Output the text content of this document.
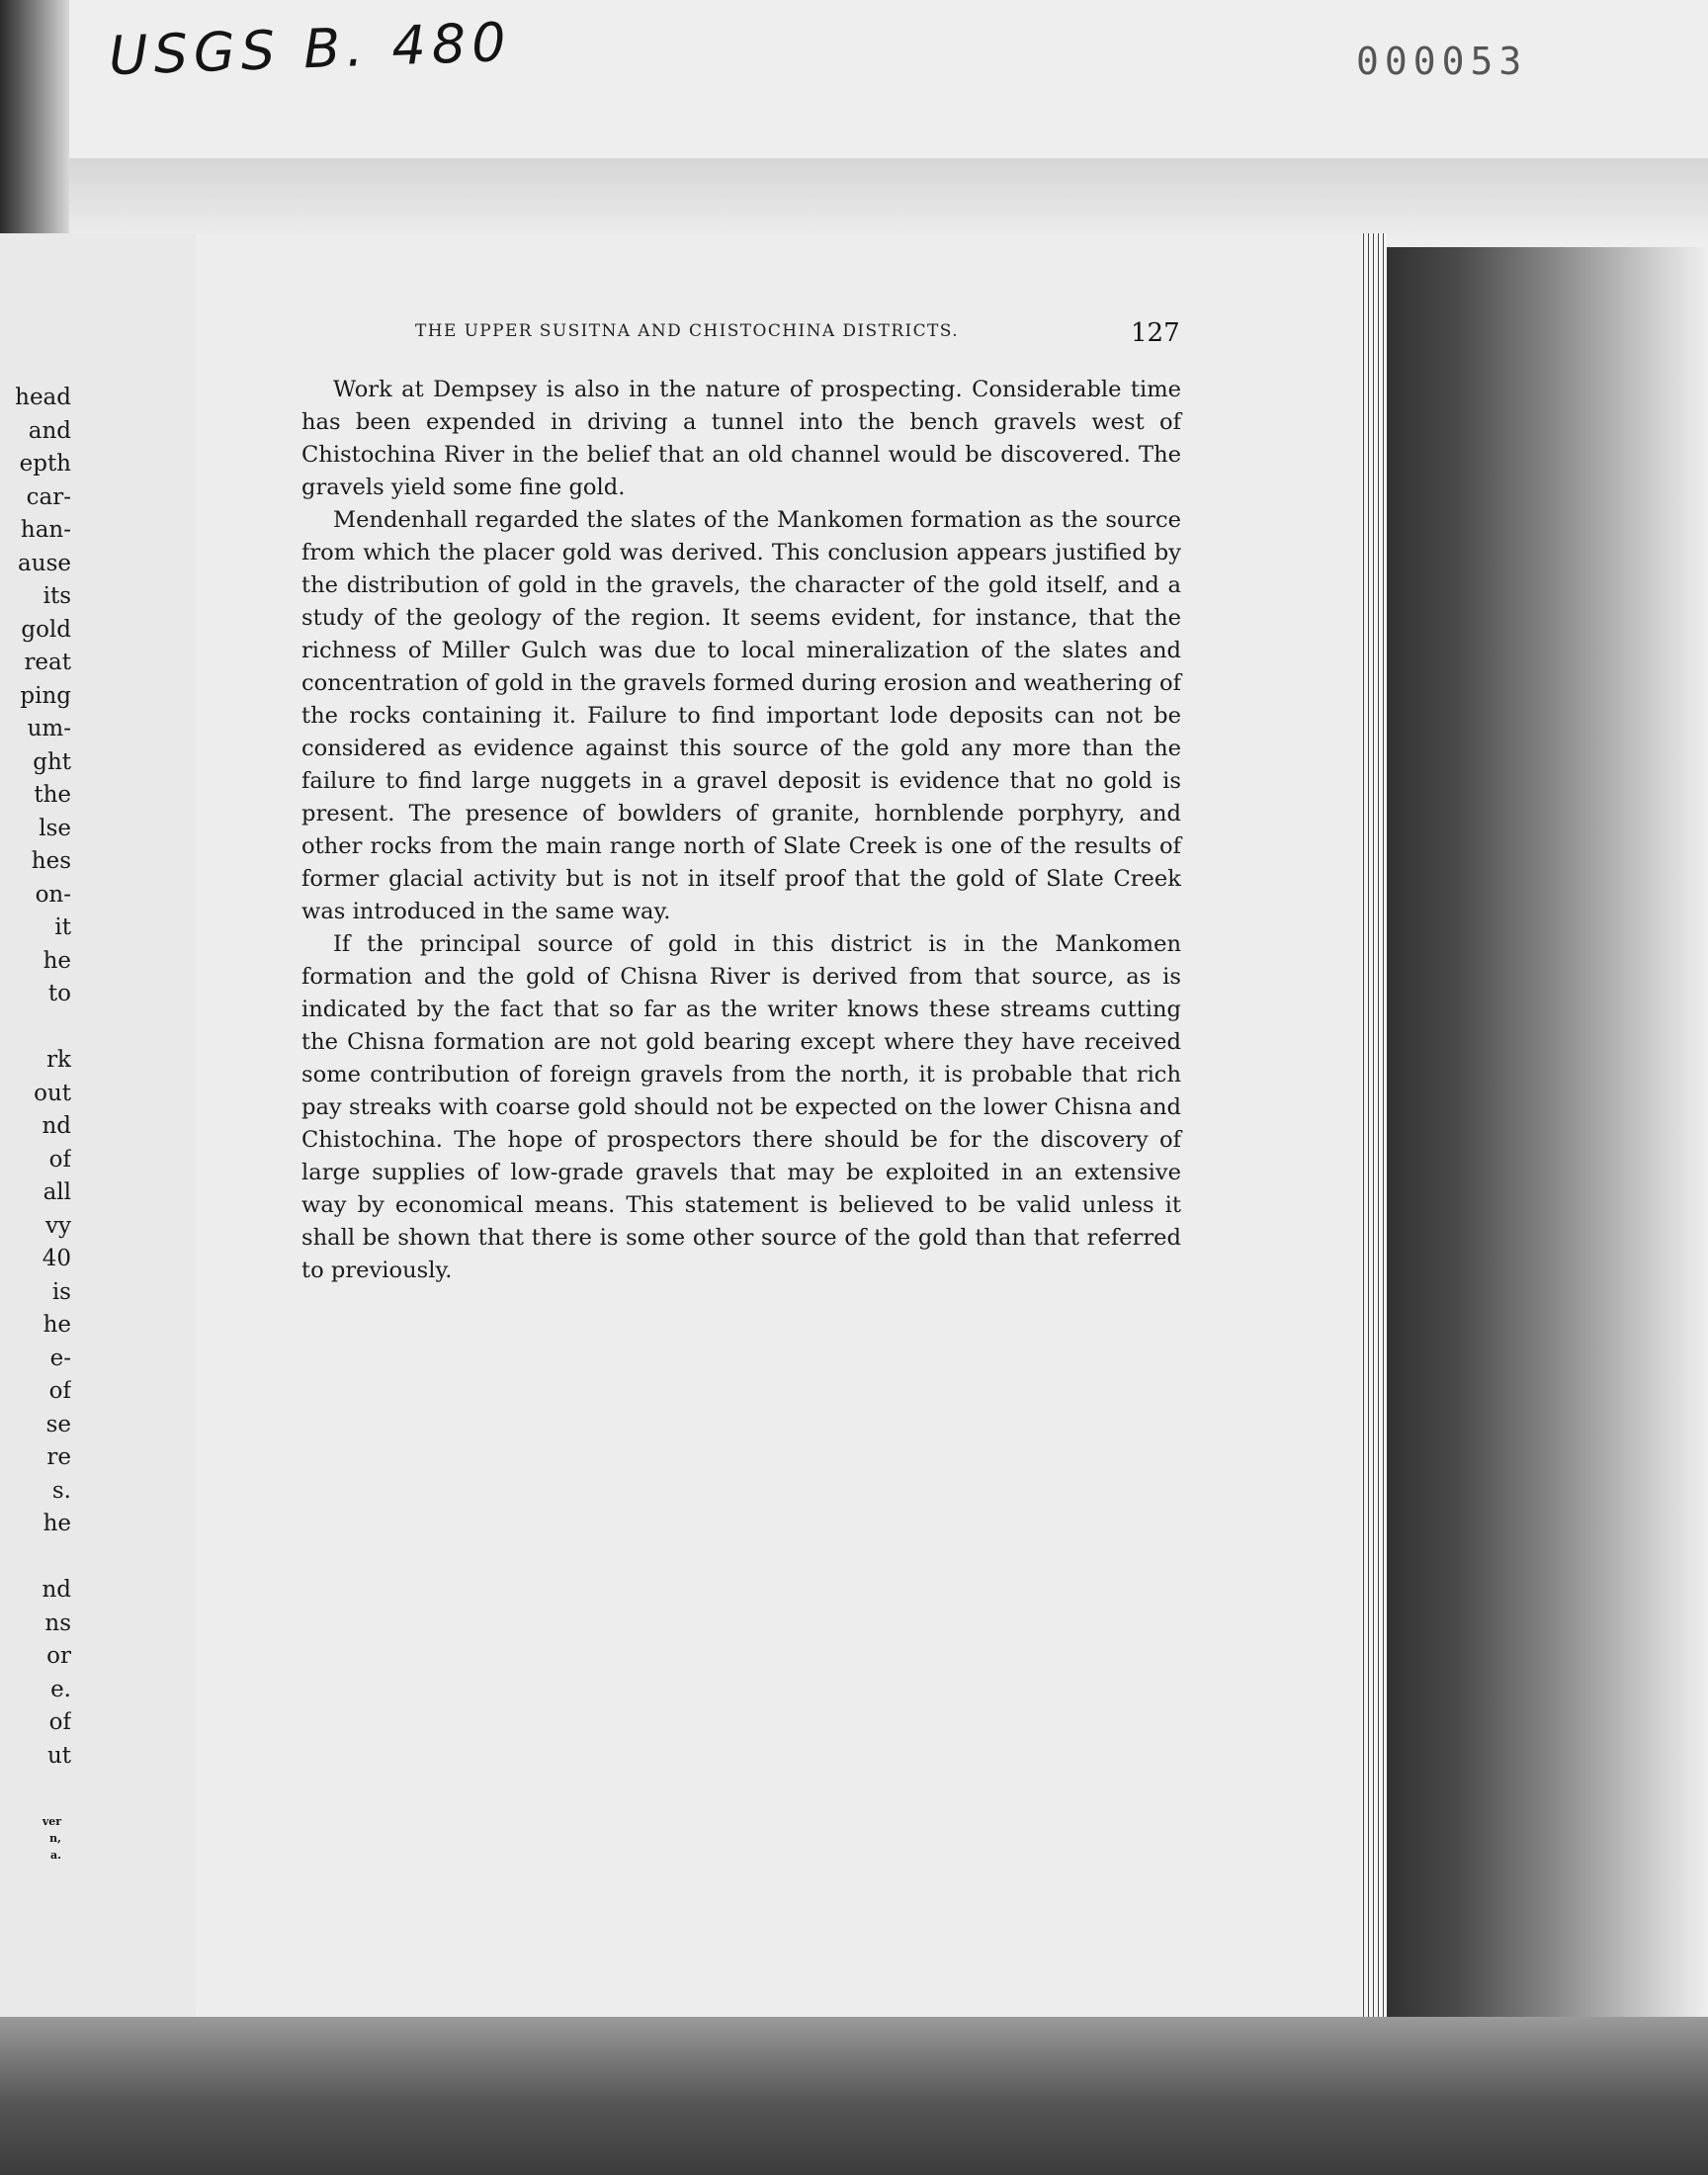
head
and
epth
car-
han-
ause
its
gold
reat
ping
um-
ght
the
lse
hes
on-
it
he
to

rk
out
nd
of
all
vy
40
is
he
e-
of
se
re
s.
he

nd
ns
or
e.
of
ut
ver
n,
a.
USGS B. 480	000053
THE UPPER SUSITNA AND CHISTOCHINA DISTRICTS.	127

Work at Dempsey is also in the nature of prospecting. Considerable time has been expended in driving a tunnel into the bench gravels west of Chistochina River in the belief that an old channel would be discovered. The gravels yield some fine gold.

Mendenhall regarded the slates of the Mankomen formation as the source from which the placer gold was derived. This conclusion appears justified by the distribution of gold in the gravels, the character of the gold itself, and a study of the geology of the region. It seems evident, for instance, that the richness of Miller Gulch was due to local mineralization of the slates and concentration of gold in the gravels formed during erosion and weathering of the rocks containing it. Failure to find important lode deposits can not be considered as evidence against this source of the gold any more than the failure to find large nuggets in a gravel deposit is evidence that no gold is present. The presence of bowlders of granite, hornblende porphyry, and other rocks from the main range north of Slate Creek is one of the results of former glacial activity but is not in itself proof that the gold of Slate Creek was introduced in the same way.

If the principal source of gold in this district is in the Mankomen formation and the gold of Chisna River is derived from that source, as is indicated by the fact that so far as the writer knows these streams cutting the Chisna formation are not gold bearing except where they have received some contribution of foreign gravels from the north, it is probable that rich pay streaks with coarse gold should not be expected on the lower Chisna and Chistochina. The hope of prospectors there should be for the discovery of large supplies of low-grade gravels that may be exploited in an extensive way by economical means. This statement is believed to be valid unless it shall be shown that there is some other source of the gold than that referred to previously.
